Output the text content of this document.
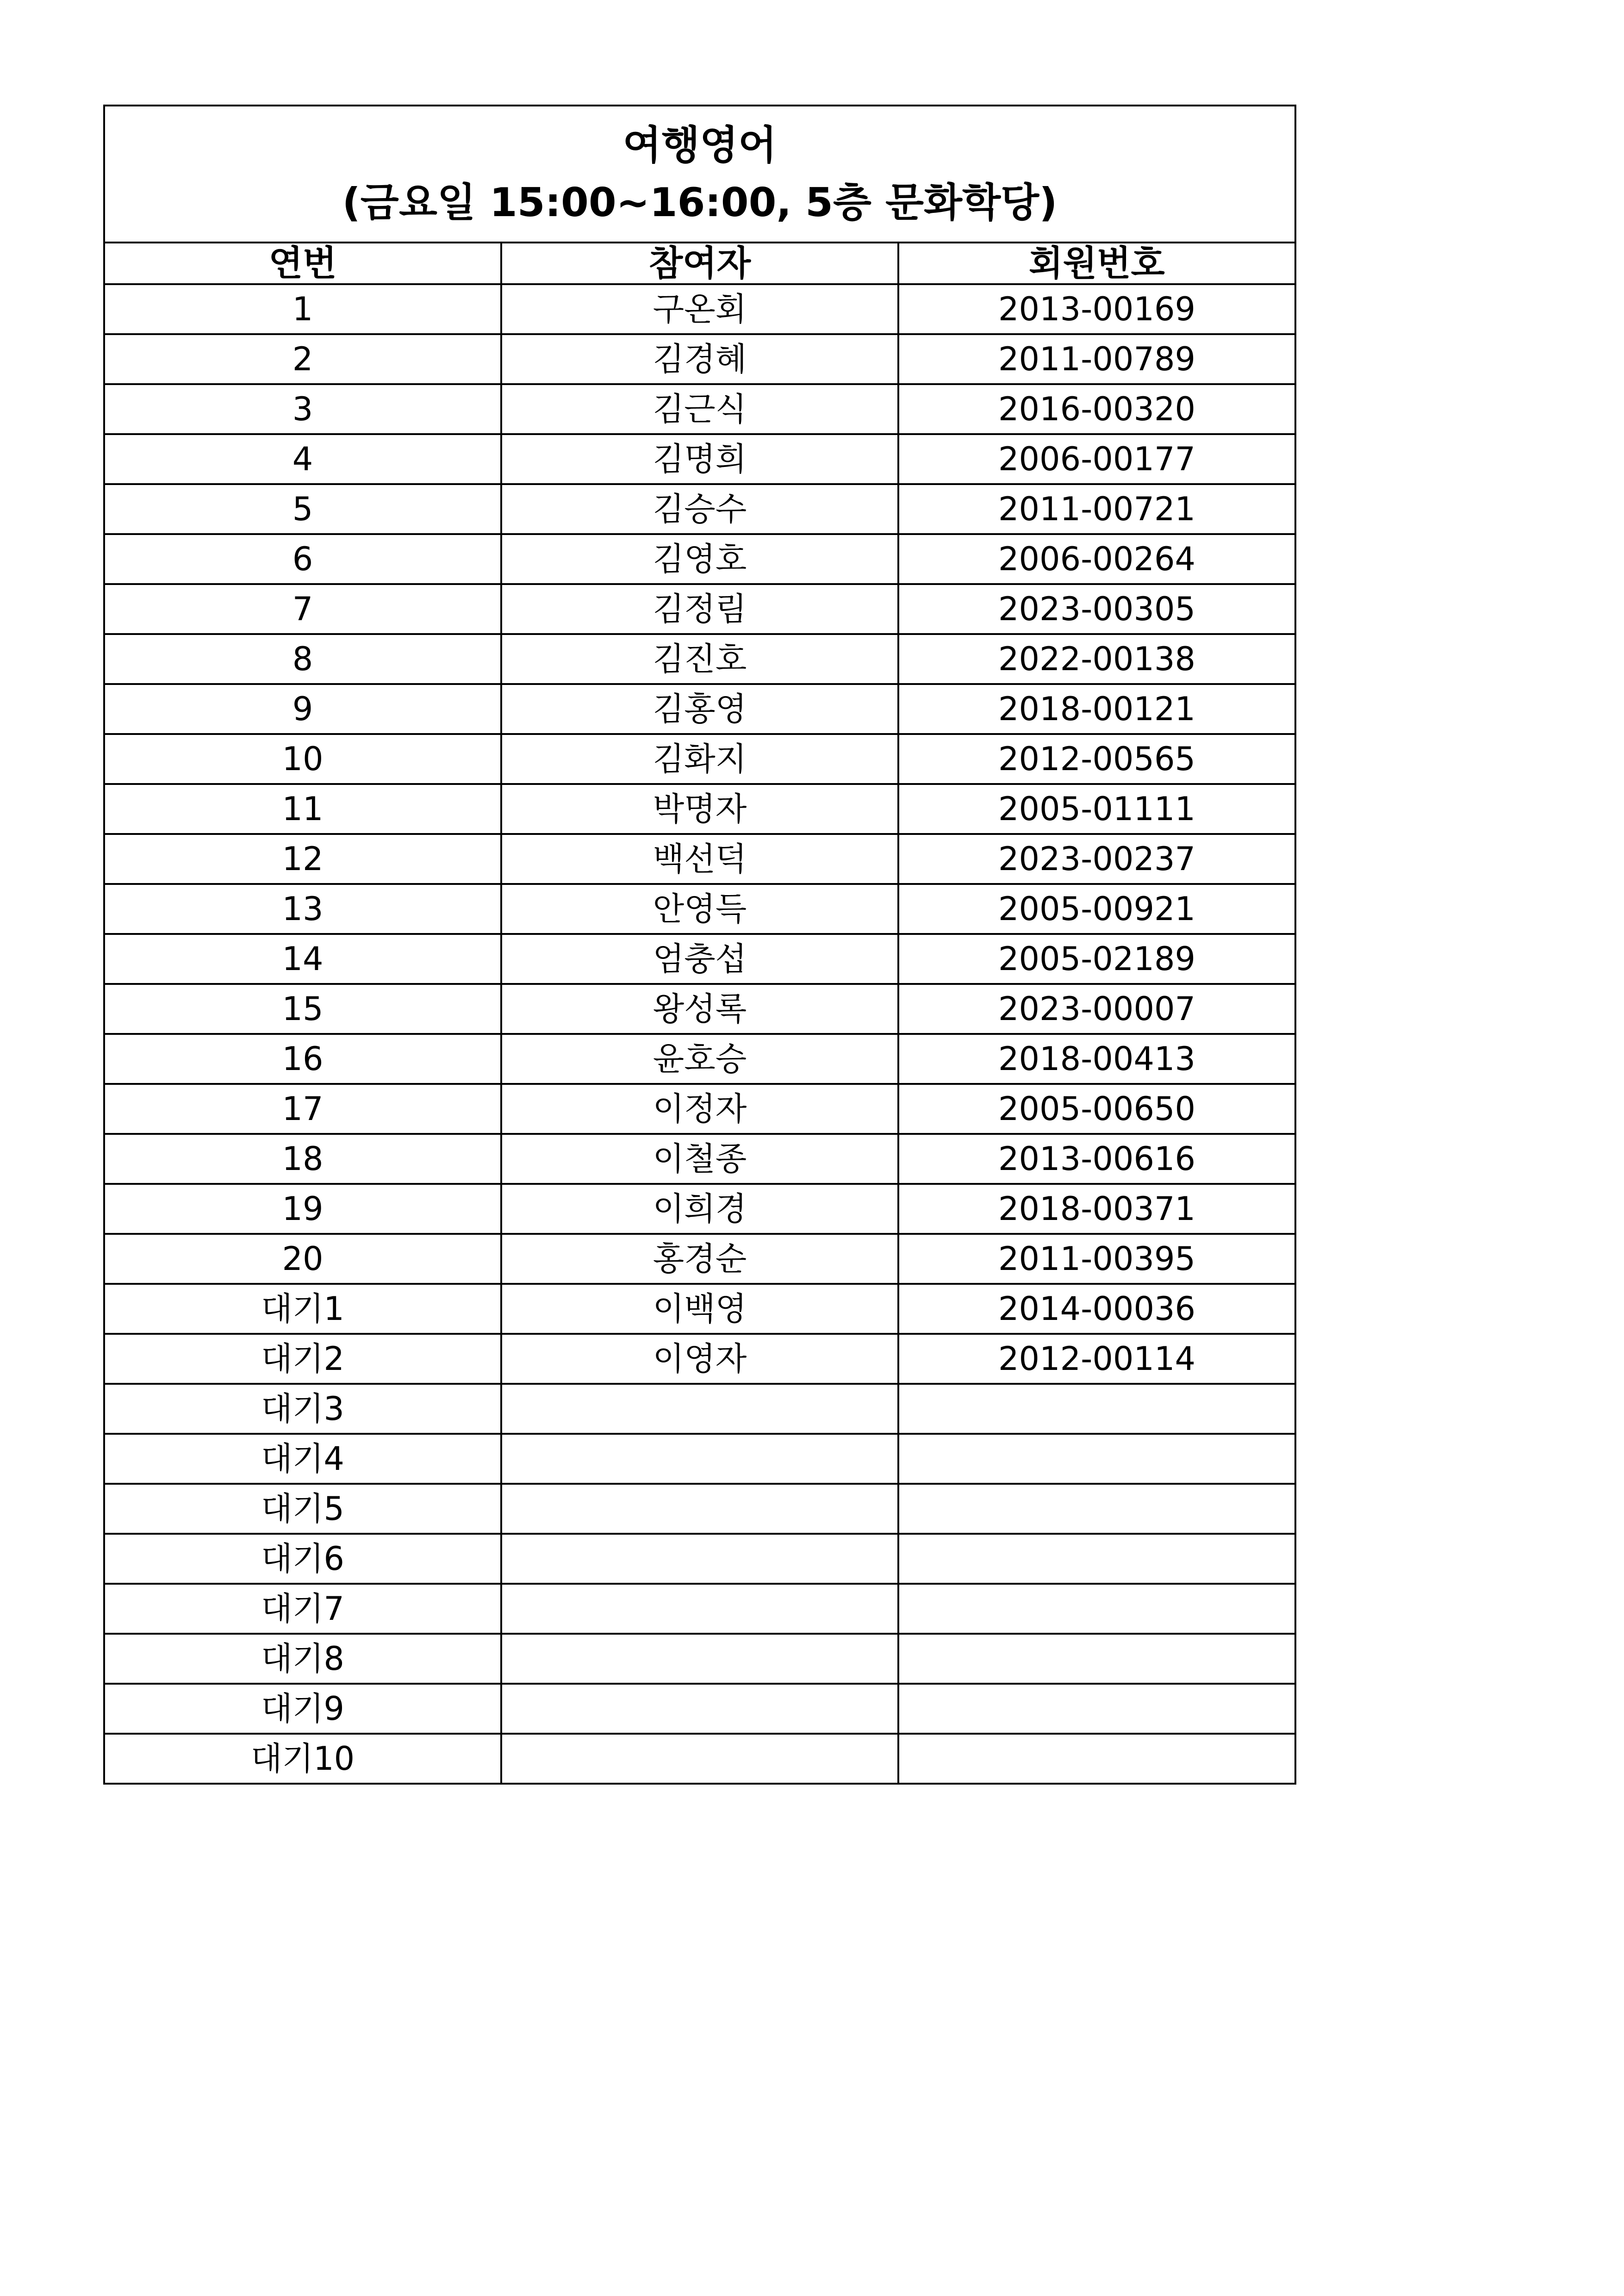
여행영어
(금요일 15:00~16:00, 5층 문화학당)		

연번	참여자	회원번호
1	구온회	2013-00169
2	김경혜	2011-00789
3	김근식	2016-00320
4	김명희	2006-00177
5	김승수	2011-00721
6	김영호	2006-00264
7	김정림	2023-00305
8	김진호	2022-00138
9	김홍영	2018-00121
10	김화지	2012-00565
11	박명자	2005-01111
12	백선덕	2023-00237
13	안영득	2005-00921
14	엄충섭	2005-02189
15	왕성록	2023-00007
16	윤호승	2018-00413
17	이정자	2005-00650
18	이철종	2013-00616
19	이희경	2018-00371
20	홍경순	2011-00395
대기1	이백영	2014-00036
대기2	이영자	2012-00114
대기3		
대기4		
대기5		
대기6		
대기7		
대기8		
대기9		
대기10		
